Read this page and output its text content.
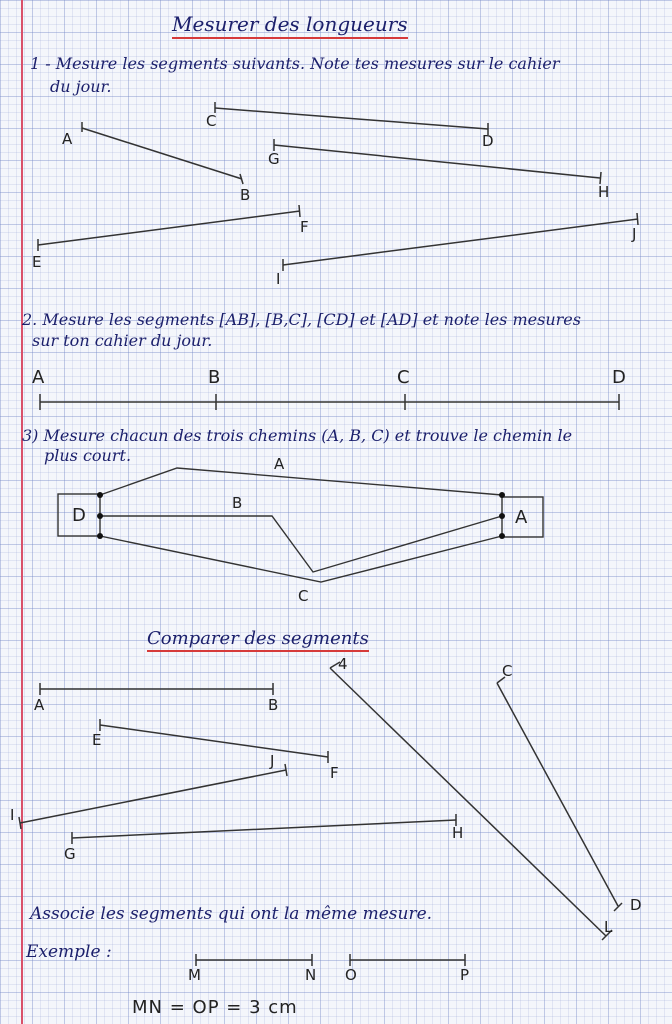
Mesurer des longueurs
1 - Mesure les segments suivants. Note tes mesures sur le cahier
du jour.
A
B
C
D
E
F
G
H
I
J
2. Mesure les segments [AB], [B,C], [CD] et [AD] et note les mesures
sur ton cahier du jour.
A	B	C	D
3) Mesure chacun des trois chemins (A, B, C) et trouve le chemin le
plus court.
D	A
A
B
C
Comparer des segments
A	B
E
F
J
I
G
H
4	C
D
L
Associe les segments qui ont la même mesure.
Exemple :
M	N O	P
MN = OP = 3 cm
